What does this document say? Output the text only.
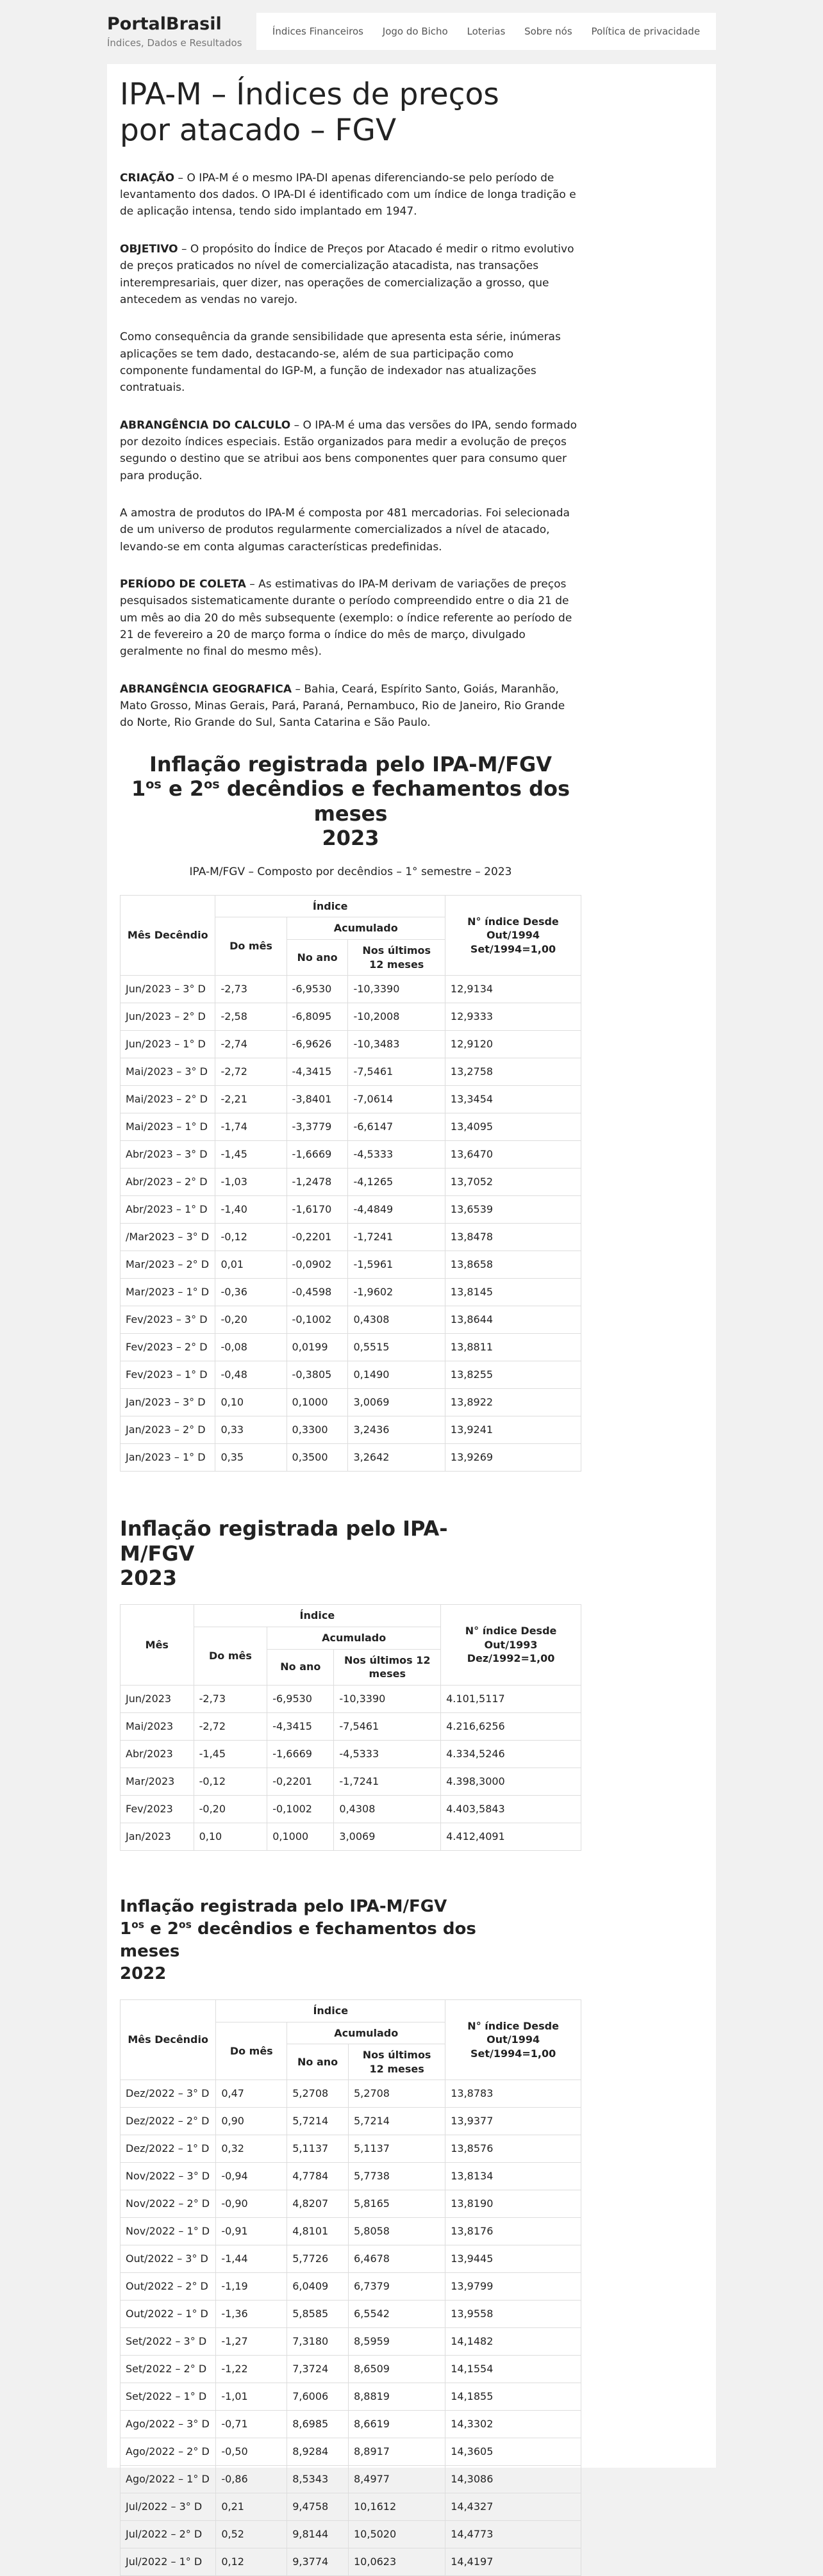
PortalBrasil
Índices, Dados e Resultados
Índices Financeiros Jogo do Bicho Loterias Sobre nós Política de privacidade
IPA-M – Índices de preços por atacado – FGV

CRIAÇÃO – O IPA-M é o mesmo IPA-DI apenas diferenciando-se pelo período de levantamento dos dados. O IPA-DI é identificado com um índice de longa tradição e de aplicação intensa, tendo sido implantado em 1947.

OBJETIVO – O propósito do Índice de Preços por Atacado é medir o ritmo evolutivo de preços praticados no nível de comercialização atacadista, nas transações interempresariais, quer dizer, nas operações de comercialização a grosso, que antecedem as vendas no varejo.

Como consequência da grande sensibilidade que apresenta esta série, inúmeras aplicações se tem dado, destacando-se, além de sua participação como componente fundamental do IGP-M, a função de indexador nas atualizações contratuais.

ABRANGÊNCIA DO CALCULO – O IPA-M é uma das versões do IPA, sendo formado por dezoito índices especiais. Estão organizados para medir a evolução de preços segundo o destino que se atribui aos bens componentes quer para consumo quer para produção.

A amostra de produtos do IPA-M é composta por 481 mercadorias. Foi selecionada de um universo de produtos regularmente comercializados a nível de atacado, levando-se em conta algumas características predefinidas.

PERÍODO DE COLETA – As estimativas do IPA-M derivam de variações de preços pesquisados sistematicamente durante o período compreendido entre o dia 21 de um mês ao dia 20 do mês subsequente (exemplo: o índice referente ao período de 21 de fevereiro a 20 de março forma o índice do mês de março, divulgado geralmente no final do mesmo mês).

ABRANGÊNCIA GEOGRAFICA – Bahia, Ceará, Espírito Santo, Goiás, Maranhão, Mato Grosso, Minas Gerais, Pará, Paraná, Pernambuco, Rio de Janeiro, Rio Grande do Norte, Rio Grande do Sul, Santa Catarina e São Paulo.

Inflação registrada pelo IPA-M/FGV
$1^{os}$ e $2^{os}$ decêndios e fechamentos dos meses
2023

IPA-M/FGV – Composto por decêndios – 1° semestre – 2023

Mês Decêndio	Índice			N° índice Desde Out/1994 Set/1994=1,00
	Do mês	Acumulado		
		No ano	Nos últimos 12 meses	
Jun/2023 – 3° D	-2,73	-6,9530	-10,3390	12,9134
Jun/2023 – 2° D	-2,58	-6,8095	-10,2008	12,9333
Jun/2023 – 1° D	-2,74	-6,9626	-10,3483	12,9120
Mai/2023 – 3° D	-2,72	-4,3415	-7,5461	13,2758
Mai/2023 – 2° D	-2,21	-3,8401	-7,0614	13,3454
Mai/2023 – 1° D	-1,74	-3,3779	-6,6147	13,4095
Abr/2023 – 3° D	-1,45	-1,6669	-4,5333	13,6470
Abr/2023 – 2° D	-1,03	-1,2478	-4,1265	13,7052
Abr/2023 – 1° D	-1,40	-1,6170	-4,4849	13,6539
/Mar2023 – 3° D	-0,12	-0,2201	-1,7241	13,8478
Mar/2023 – 2° D	0,01	-0,0902	-1,5961	13,8658
Mar/2023 – 1° D	-0,36	-0,4598	-1,9602	13,8145
Fev/2023 – 3° D	-0,20	-0,1002	0,4308	13,8644
Fev/2023 – 2° D	-0,08	0,0199	0,5515	13,8811
Fev/2023 – 1° D	-0,48	-0,3805	0,1490	13,8255
Jan/2023 – 3° D	0,10	0,1000	3,0069	13,8922
Jan/2023 – 2° D	0,33	0,3300	3,2436	13,9241
Jan/2023 – 1° D	0,35	0,3500	3,2642	13,9269
Inflação registrada pelo IPA-M/FGV
2023
Mês	Índice			N° índice Desde Out/1993 Dez/1992=1,00
	Do mês	Acumulado		
		No ano	Nos últimos 12 meses	
Jun/2023	-2,73	-6,9530	-10,3390	4.101,5117
Mai/2023	-2,72	-4,3415	-7,5461	4.216,6256
Abr/2023	-1,45	-1,6669	-4,5333	4.334,5246
Mar/2023	-0,12	-0,2201	-1,7241	4.398,3000
Fev/2023	-0,20	-0,1002	0,4308	4.403,5843
Jan/2023	0,10	0,1000	3,0069	4.412,4091
Inflação registrada pelo IPA-M/FGV
$1^{os}$ e $2^{os}$ decêndios e fechamentos dos meses
2022
Mês Decêndio	Índice			N° índice Desde Out/1994 Set/1994=1,00
	Do mês	Acumulado		
		No ano	Nos últimos 12 meses	
Dez/2022 – 3° D	0,47	5,2708	5,2708	13,8783
Dez/2022 – 2° D	0,90	5,7214	5,7214	13,9377
Dez/2022 – 1° D	0,32	5,1137	5,1137	13,8576
Nov/2022 – 3° D	-0,94	4,7784	5,7738	13,8134
Nov/2022 – 2° D	-0,90	4,8207	5,8165	13,8190
Nov/2022 – 1° D	-0,91	4,8101	5,8058	13,8176
Out/2022 – 3° D	-1,44	5,7726	6,4678	13,9445
Out/2022 – 2° D	-1,19	6,0409	6,7379	13,9799
Out/2022 – 1° D	-1,36	5,8585	6,5542	13,9558
Set/2022 – 3° D	-1,27	7,3180	8,5959	14,1482
Set/2022 – 2° D	-1,22	7,3724	8,6509	14,1554
Set/2022 – 1° D	-1,01	7,6006	8,8819	14,1855
Ago/2022 – 3° D	-0,71	8,6985	8,6619	14,3302
Ago/2022 – 2° D	-0,50	8,9284	8,8917	14,3605
Ago/2022 – 1° D	-0,86	8,5343	8,4977	14,3086
Jul/2022 – 3° D	0,21	9,4758	10,1612	14,4327
Jul/2022 – 2° D	0,52	9,8144	10,5020	14,4773
Jul/2022 – 1° D	0,12	9,3774	10,0623	14,4197
